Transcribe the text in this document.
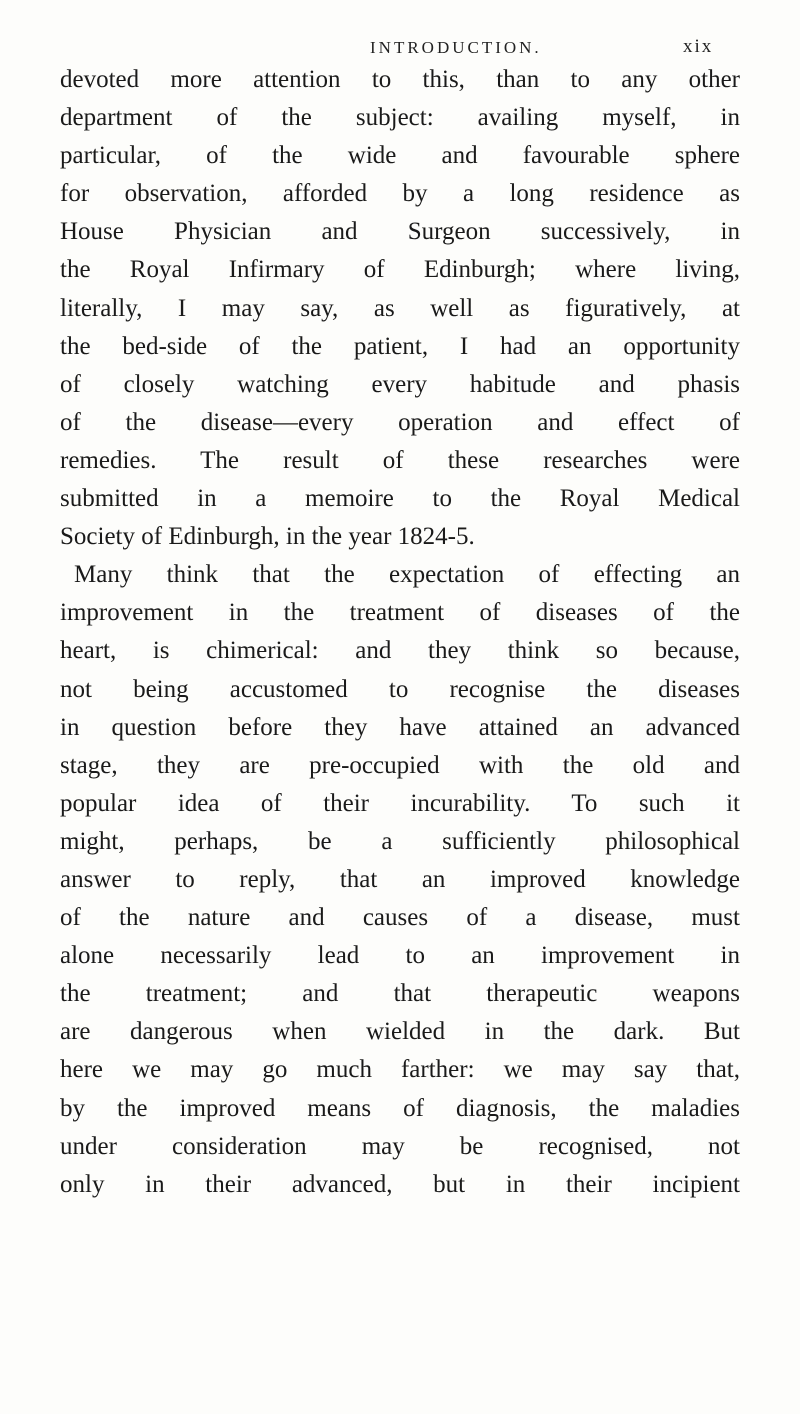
INTRODUCTION.	xix
devoted more attention to this, than to any other
department of the subject: availing myself, in
particular, of the wide and favourable sphere
for observation, afforded by a long residence as
House Physician and Surgeon successively, in
the Royal Infirmary of Edinburgh; where living,
literally, I may say, as well as figuratively, at
the bed-side of the patient, I had an opportunity
of closely watching every habitude and phasis
of the disease—every operation and effect of
remedies. The result of these researches were
submitted in a memoire to the Royal Medical
Society of Edinburgh, in the year 1824-5.
Many think that the expectation of effecting an
improvement in the treatment of diseases of the
heart, is chimerical: and they think so because,
not being accustomed to recognise the diseases
in question before they have attained an advanced
stage, they are pre-occupied with the old and
popular idea of their incurability. To such it
might, perhaps, be a sufficiently philosophical
answer to reply, that an improved knowledge
of the nature and causes of a disease, must
alone necessarily lead to an improvement in
the treatment; and that therapeutic weapons
are dangerous when wielded in the dark. But
here we may go much farther: we may say that,
by the improved means of diagnosis, the maladies
under consideration may be recognised, not
only in their advanced, but in their incipient
